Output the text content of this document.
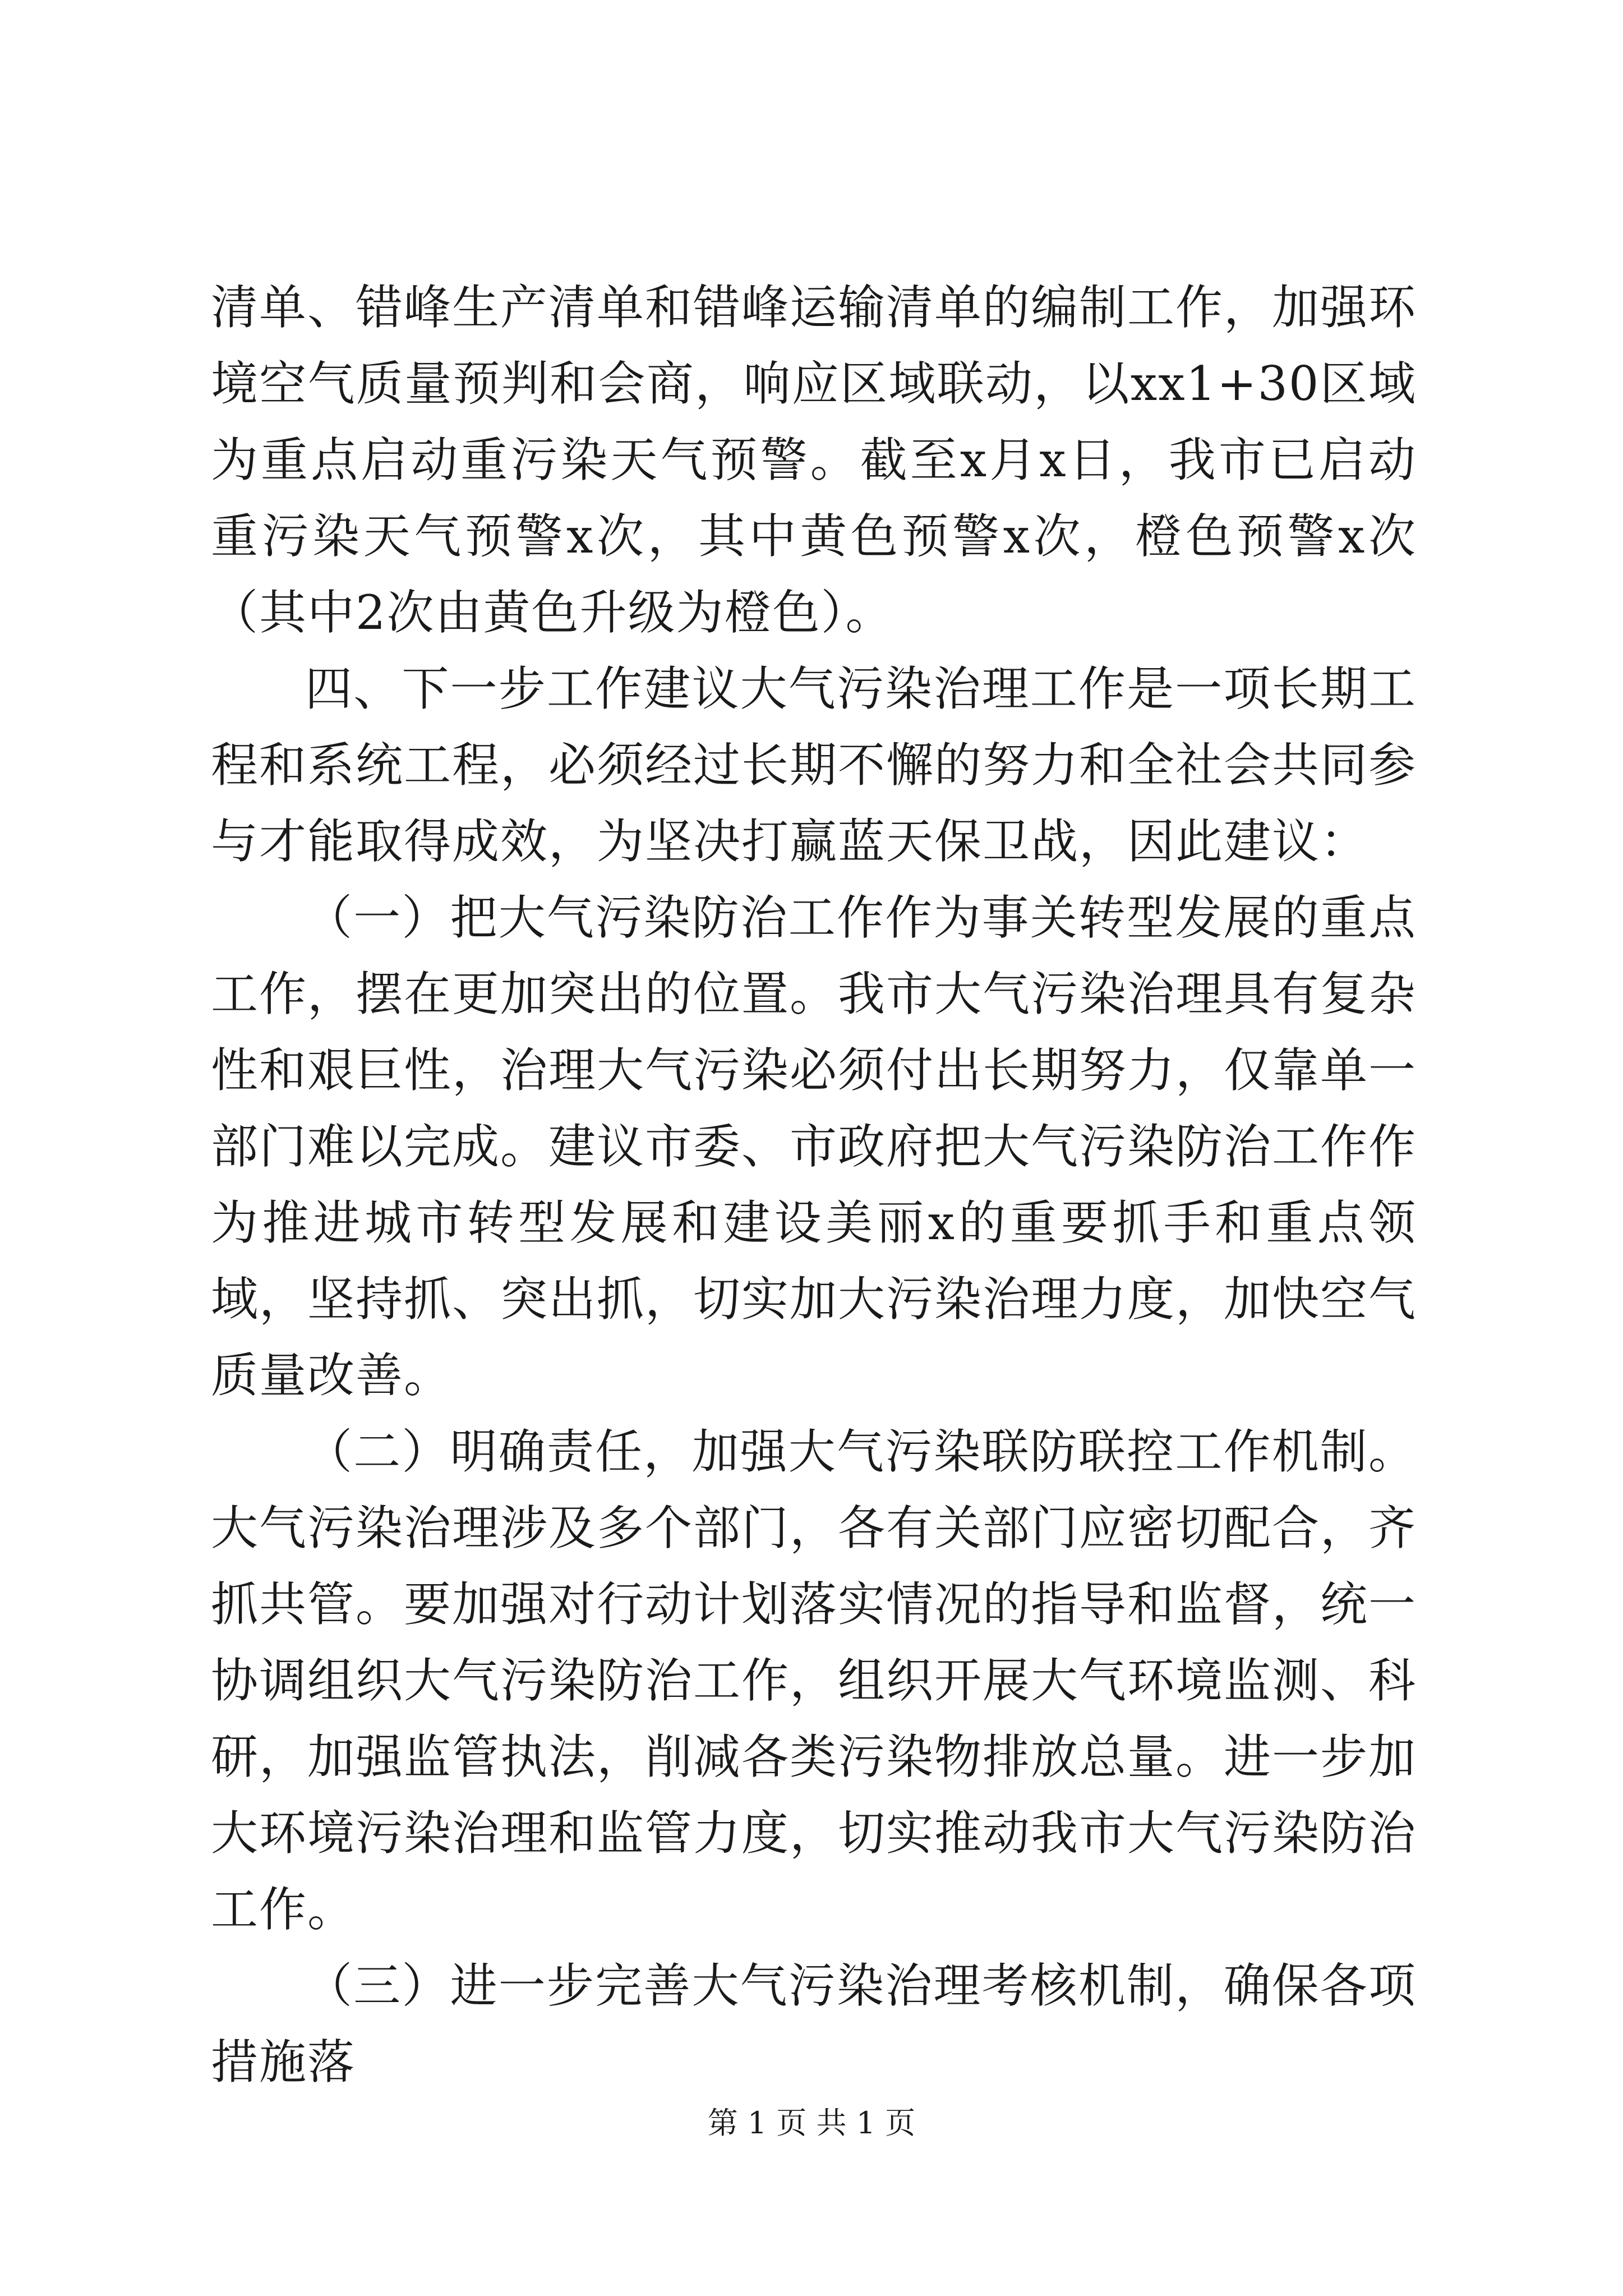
清单、错峰生产清单和错峰运输清单的编制工作，加强环境空气质量预判和会商，响应区域联动，以xx1+30区域为重点启动重污染天气预警。截至x月x日，我市已启动重污染天气预警x次，其中黄色预警x次，橙色预警x次（其中2次由黄色升级为橙色）。

四、下一步工作建议大气污染治理工作是一项长期工程和系统工程，必须经过长期不懈的努力和全社会共同参与才能取得成效，为坚决打赢蓝天保卫战，因此建议：

（一）把大气污染防治工作作为事关转型发展的重点工作，摆在更加突出的位置。我市大气污染治理具有复杂性和艰巨性，治理大气污染必须付出长期努力，仅靠单一部门难以完成。建议市委、市政府把大气污染防治工作作为推进城市转型发展和建设美丽x的重要抓手和重点领域，坚持抓、突出抓，切实加大污染治理力度，加快空气质量改善。

（二）明确责任，加强大气污染联防联控工作机制。大气污染治理涉及多个部门，各有关部门应密切配合，齐抓共管。要加强对行动计划落实情况的指导和监督，统一协调组织大气污染防治工作，组织开展大气环境监测、科研，加强监管执法，削减各类污染物排放总量。进一步加大环境污染治理和监管力度，切实推动我市大气污染防治工作。

（三）进一步完善大气污染治理考核机制，确保各项措施落

第 1 页 共 1 页
